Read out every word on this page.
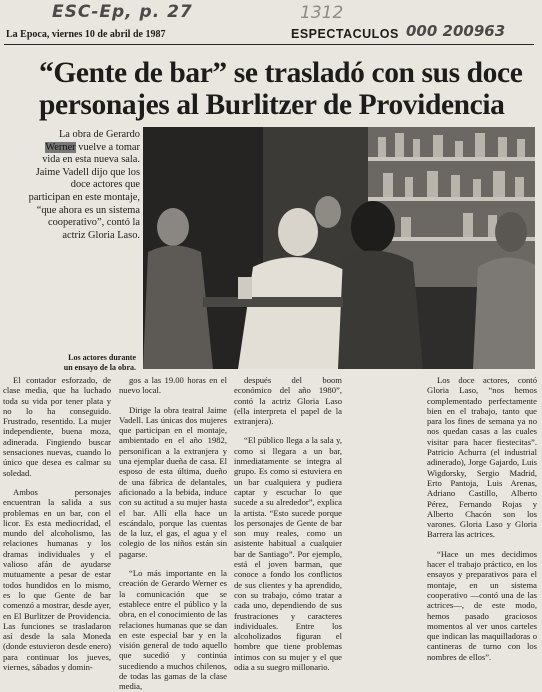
ESC-Ep, p. 27	1312
000 200963
La Epoca, viernes 10 de abril de 1987	ESPECTACULOS
“Gente de bar” se trasladó con sus doce personajes al Burlitzer de Providencia
La obra de Gerardo Werner vuelve a tomar vida en esta nueva sala. Jaime Vadell dijo que los doce actores que participan en este montaje, “que ahora es un sistema cooperativo”, contó la actriz Gloria Laso.
Los actores durante un ensayo de la obra.

El contador esforzado, de clase media, que ha luchado toda su vida por tener plata y no lo ha conseguido. Frustrado, resentido. La mujer independiente, buena moza, adinerada. Fingiendo buscar sensaciones nuevas, cuando lo único que desea es calmar su soledad.

Ambos personajes encuentran la salida a sus problemas en un bar, con el licor. Es esta mediocridad, el mundo del alcoholismo, las relaciones humanas y los dramas individuales y el valioso afán de ayudarse mutuamente a pesar de estar todos hundidos en lo mismo, es lo que Gente de bar comenzó a mostrar, desde ayer, en El Burlitzer de Providencia. Las funciones se trasladaron así desde la sala Moneda (donde estuvieron desde enero) para continuar los jueves, viernes, sábados y domin-

gos a las 19.00 horas en el nuevo local.

Dirige la obra teatral Jaime Vadell. Las únicas dos mujeres que participan en el montaje, ambientado en el año 1982, personifican a la extranjera y una ejemplar dueña de casa. El esposo de esta última, dueño de una fábrica de delantales, aficionado a la bebida, induce con su actitud a su mujer hasta el bar. Allí ella hace un escándalo, porque las cuentas de la luz, el gas, el agua y el colegio de los niños están sin pagarse.

“Lo más importante en la creación de Gerardo Werner es la comunicación que se establece entre el público y la obra, en el conocimiento de las relaciones humanas que se dan en este especial bar y en la visión general de todo aquello que sucedió y continúa sucediendo a muchos chilenos, de todas las gamas de la clase media,

después del boom económico del año 1980”, contó la actriz Gloria Laso (ella interpreta el papel de la extranjera).

“El público llega a la sala y, como si llegara a un bar, inmediatamente se integra al grupo. Es como si estuviera en un bar cualquiera y pudiera captar y escuchar lo que sucede a su alrededor”, explica la artista. “Esto sucede porque los personajes de Gente de bar son muy reales, como un asistente habitual a cualquier bar de Santiago”. Por ejemplo, está el joven barman, que conoce a fondo los conflictos de sus clientes y ha aprendido, con su trabajo, cómo tratar a cada uno, dependiendo de sus frustraciones y caracteres individuales. Entre los alcoholizados figuran el hombre que tiene problemas íntimos con su mujer y el que odia a su suegro millonario.

Los doce actores, contó Gloria Laso, “nos hemos complementado perfectamente bien en el trabajo, tanto que para los fines de semana ya no nos quedan casas a las cuales visitar para hacer fiestecitas”. Patricio Achurra (el industrial adinerado), Jorge Gajardo, Luis Wigdorsky, Sergio Madrid, Erto Pantoja, Luis Arenas, Adriano Castillo, Alberto Pérez, Fernando Rojas y Alberto Chacón son los varones. Gloria Laso y Gloria Barrera las actrices.

“Hace un mes decidimos hacer el trabajo práctico, en los ensayos y preparativos para el montaje, en un sistema cooperativo —contó una de las actrices—, de este modo, hemos pasado graciosos momentos al ver unos carteles que indican las maquilladoras o cantineras de turno con los nombres de ellos”.
